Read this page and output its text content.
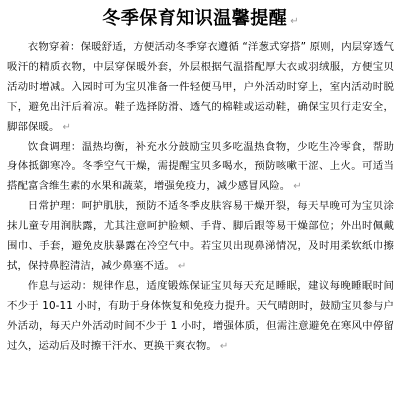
冬季保育知识温馨提醒 ↵

衣物穿着：保暖舒适，方便活动冬季穿衣遵循 “洋葱式穿搭” 原则，内层穿透气吸汗的精质衣物，中层穿保暖外套，外层根据气温搭配厚大衣或羽绒服，方便宝贝活动时增减。入园时可为宝贝准备一件轻便马甲，户外活动时穿上，室内活动时脱下，避免出汗后着凉。鞋子选择防滑、透气的棉鞋或运动鞋，确保宝贝行走安全，脚部保暖。 ↵

饮食调理：温热均衡，补充水分鼓励宝贝多吃温热食物，少吃生冷零食，帮助身体抵御寒冷。冬季空气干燥，需提醒宝贝多喝水，预防咳嗽干涩、上火。可适当搭配富含维生素的水果和蔬菜，增强免疫力，减少感冒风险。 ↵

日常护理：呵护肌肤，预防不适冬季皮肤容易干燥开裂，每天早晚可为宝贝涂抹儿童专用润肤露，尤其注意呵护脸颊、手背、脚后跟等易干燥部位；外出时佩戴围巾、手套，避免皮肤暴露在冷空气中。若宝贝出现鼻涕情况，及时用柔软纸巾擦拭，保持鼻腔清洁，减少鼻塞不适。 ↵

作息与运动：规律作息，适度锻炼保证宝贝每天充足睡眠，建议每晚睡眠时间不少于 10-11 小时，有助于身体恢复和免疫力提升。天气晴朗时，鼓励宝贝参与户外活动，每天户外活动时间不少于 1 小时，增强体质，但需注意避免在寒风中停留过久，运动后及时擦干汗水、更换干爽衣物。 ↵
